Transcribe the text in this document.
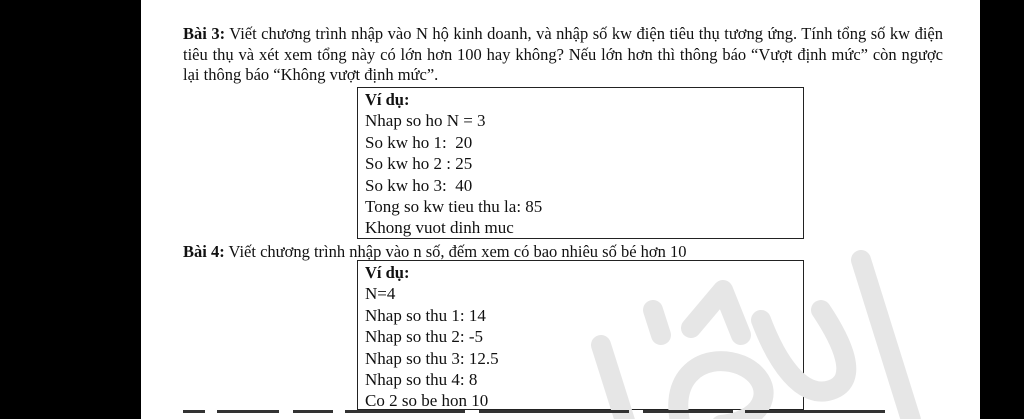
Bài 3: Viết chương trình nhập vào N hộ kinh doanh, và nhập số kw điện tiêu thụ tương ứng. Tính tổng số kw điện tiêu thụ và xét xem tổng này có lớn hơn 100 hay không? Nếu lớn hơn thì thông báo “Vượt định mức” còn ngược lại thông báo “Không vượt định mức”.

Ví dụ:
Nhap so ho N = 3
So kw ho 1:  20
So kw ho 2 : 25
So kw ho 3:  40
Tong so kw tieu thu la: 85
Khong vuot dinh muc

Bài 4: Viết chương trình nhập vào n số, đếm xem có bao nhiêu số bé hơn 10

Ví dụ:
N=4
Nhap so thu 1: 14
Nhap so thu 2: -5
Nhap so thu 3: 12.5
Nhap so thu 4: 8
Co 2 so be hon 10
